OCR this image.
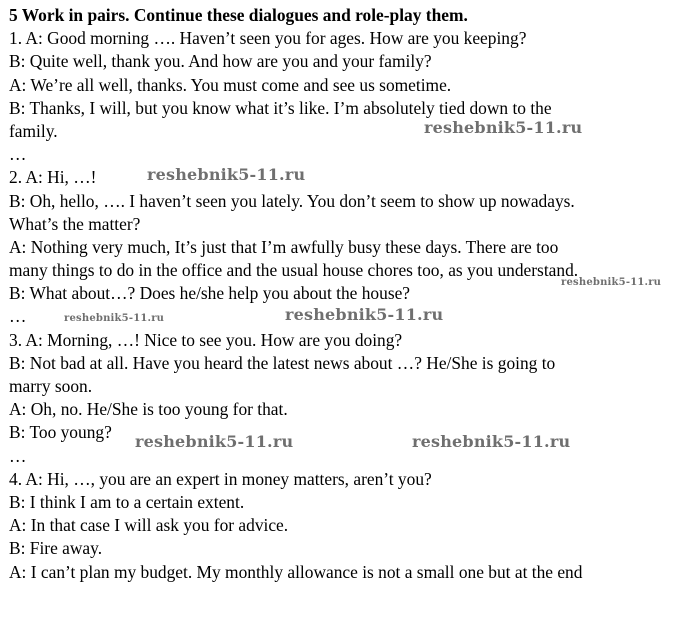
5 Work in pairs. Continue these dialogues and role-play them.
1. A: Good morning …. Haven’t seen you for ages. How are you keeping?
B: Quite well, thank you. And how are you and your family?
A: We’re all well, thanks. You must come and see us sometime.
B: Thanks, I will, but you know what it’s like. I’m absolutely tied down to the
family.
…
2. A: Hi, …!
B: Oh, hello, …. I haven’t seen you lately. You don’t seem to show up nowadays.
What’s the matter?
A: Nothing very much, It’s just that I’m awfully busy these days. There are too
many things to do in the office and the usual house chores too, as you understand.
B: What about…? Does he/she help you about the house?
…
3. A: Morning, …! Nice to see you. How are you doing?
B: Not bad at all. Have you heard the latest news about …? He/She is going to
marry soon.
A: Oh, no. He/She is too young for that.
B: Too young?
…
4. A: Hi, …, you are an expert in money matters, aren’t you?
B: I think I am to a certain extent.
A: In that case I will ask you for advice.
B: Fire away.
A: I can’t plan my budget. My monthly allowance is not a small one but at the end
reshebnik5-11.ru
reshebnik5-11.ru
reshebnik5-11.ru
reshebnik5-11.ru	reshebnik5-11.ru
reshebnik5-11.ru	reshebnik5-11.ru
